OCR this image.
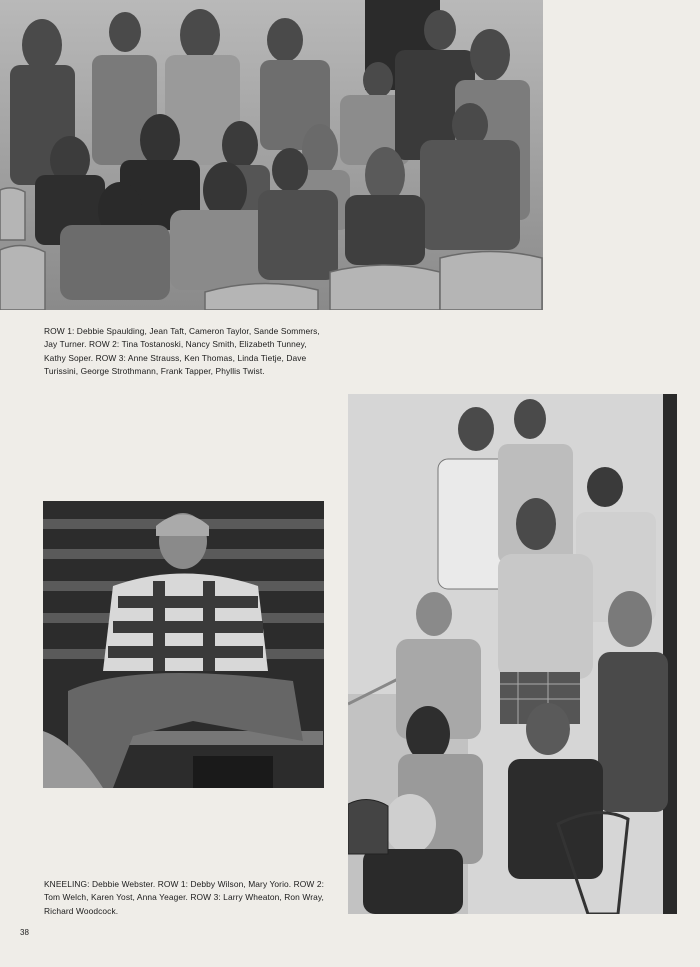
ROW 1: Debbie Spaulding, Jean Taft, Cameron Taylor, Sande Sommers, Jay Turner. ROW 2: Tina Tostanoski, Nancy Smith, Elizabeth Tunney, Kathy Soper. ROW 3: Anne Strauss, Ken Thomas, Linda Tietje, Dave Turissini, George Strothmann, Frank Tapper, Phyllis Twist.
KNEELING: Debbie Webster. ROW 1: Debby Wilson, Mary Yorio. ROW 2: Tom Welch, Karen Yost, Anna Yeager. ROW 3: Larry Wheaton, Ron Wray, Richard Woodcock.
38
